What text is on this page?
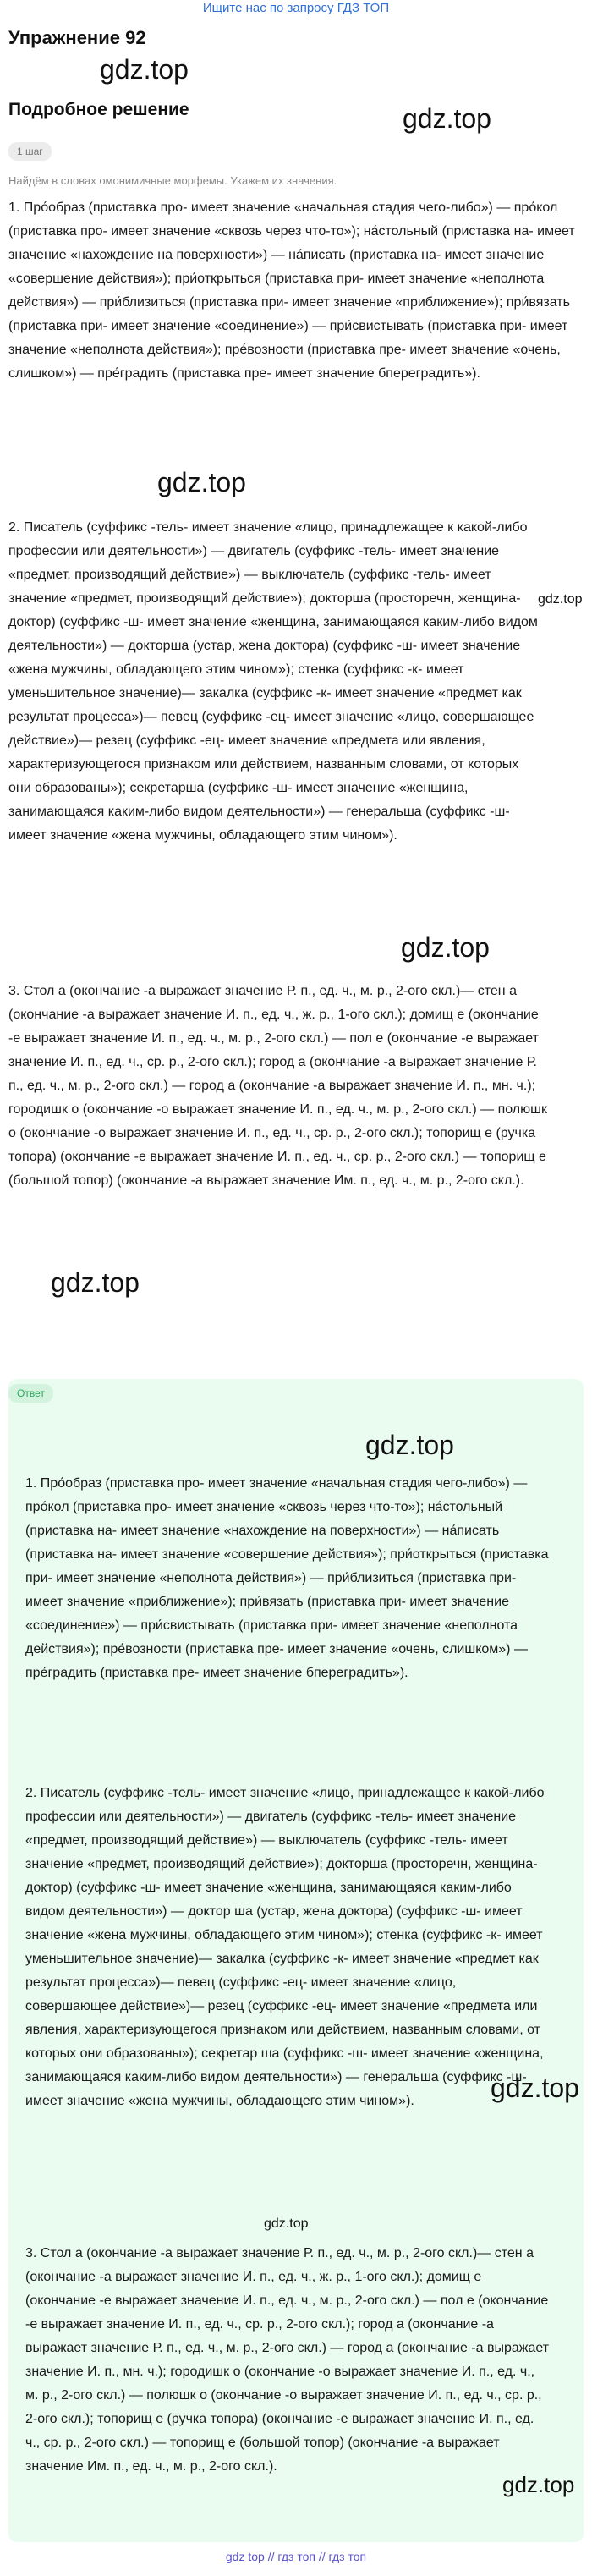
Ищите нас по запросу ГДЗ ТОП
Упражнение 92
gdz.top
gdz.top
Подробное решение
1 шаг
Найдём в словах омонимичные морфемы. Укажем их значения.

1. Про́образ (приставка про- имеет значение «начальная стадия чего-либо») — про́кол (приставка про- имеет значение «сквозь через что-то»); на́стольный (приставка на- имеет значение «нахождение на поверхности») — на́писать (приставка на- имеет значение «совершение действия»); при́открыться (приставка при- имеет значение «неполнота действия») — при́близиться (приставка при- имеет значение «приближение»); при́вязать (приставка при- имеет значение «соединение») — при́свистывать (приставка при- имеет значение «неполнота действия»); пре́возности (приставка пре- имеет значение «очень, слишком») — пре́градить (приставка пре- имеет значение бпереградить»).

gdz.top

2. Писатель (суффикс -тель- имеет значение «лицо, принадлежащее к какой-либо профессии или деятельности») — двигатель (суффикс -тель- имеет значение «предмет, производящий действие») — выключатель (суффикс -тель- имеет значение «предмет, производящий действие»); докторша (просторечн, женщина-доктор) (суффикс -ш- имеет значение «женщина, занимающаяся каким-либо видом деятельности») — докторша (устар, жена доктора) (суффикс -ш- имеет значение «жена мужчины, обладающего этим чином»); стенка (суффикс -к- имеет уменьшительное значение)— закалка (суффикс -к- имеет значение «предмет как результат процесса»)— певец (суффикс -ец- имеет значение «лицо, совершающее действие»)— резец (суффикс -ец- имеет значение «предмета или явления, характеризующегося признаком или действием, названным словами, от которых они образованы»); секретарша (суффикс -ш- имеет значение «женщина, занимающаяся каким-либо видом деятельности») — генеральша (суффикс -ш- имеет значение «жена мужчины, обладающего этим чином»).

gdz.top
gdz.top

3. Стол а (окончание -а выражает значение Р. п., ед. ч., м. р., 2-ого скл.)— стен а (окончание -а выражает значение И. п., ед. ч., ж. р., 1-ого скл.); домищ е (окончание -е выражает значение И. п., ед. ч., м. р., 2-ого скл.) — пол е (окончание -е выражает значение И. п., ед. ч., ср. р., 2-ого скл.); город а (окончание -а выражает значение Р. п., ед. ч., м. р., 2-ого скл.) — город а (окончание -а выражает значение И. п., мн. ч.); городишк о (окончание -о выражает значение И. п., ед. ч., м. р., 2-ого скл.) — полюшк о (окончание -о выражает значение И. п., ед. ч., ср. р., 2-ого скл.); топорищ е (ручка топора) (окончание -е выражает значение И. п., ед. ч., ср. р., 2-ого скл.) — топорищ е (большой топор) (окончание -а выражает значение Им. п., ед. ч., м. р., 2-ого скл.).

gdz.top
Ответ
gdz.top

1. Про́образ (приставка про- имеет значение «начальная стадия чего-либо») — про́кол (приставка про- имеет значение «сквозь через что-то»); на́стольный (приставка на- имеет значение «нахождение на поверхности») — на́писать (приставка на- имеет значение «совершение действия»); при́открыться (приставка при- имеет значение «неполнота действия») — при́близиться (приставка при- имеет значение «приближение»); при́вязать (приставка при- имеет значение «соединение») — при́свистывать (приставка при- имеет значение «неполнота действия»); пре́возности (приставка пре- имеет значение «очень, слишком») — пре́градить (приставка пре- имеет значение бпереградить»).

2. Писатель (суффикс -тель- имеет значение «лицо, принадлежащее к какой-либо профессии или деятельности») — двигатель (суффикс -тель- имеет значение «предмет, производящий действие») — выключатель (суффикс -тель- имеет значение «предмет, производящий действие»); докторша (просторечн, женщина-доктор) (суффикс -ш- имеет значение «женщина, занимающаяся каким-либо видом деятельности») — доктор ша (устар, жена доктора) (суффикс -ш- имеет значение «жена мужчины, обладающего этим чином»); стенка (суффикс -к- имеет уменьшительное значение)— закалка (суффикс -к- имеет значение «предмет как результат процесса»)— певец (суффикс -ец- имеет значение «лицо, совершающее действие»)— резец (суффикс -ец- имеет значение «предмета или явления, характеризующегося признаком или действием, названным словами, от которых они образованы»); секретар ша (суффикс -ш- имеет значение «женщина, занимающаяся каким-либо видом деятельности») — генеральша (суффикс -ш- имеет значение «жена мужчины, обладающего этим чином»).	gdz.top
gdz.top

3. Стол а (окончание -а выражает значение Р. п., ед. ч., м. р., 2-ого скл.)— стен а (окончание -а выражает значение И. п., ед. ч., ж. р., 1-ого скл.); домищ е (окончание -е выражает значение И. п., ед. ч., м. р., 2-ого скл.) — пол е (окончание -е выражает значение И. п., ед. ч., ср. р., 2-ого скл.); город а (окончание -а выражает значение Р. п., ед. ч., м. р., 2-ого скл.) — город а (окончание -а выражает значение И. п., мн. ч.); городишк о (окончание -о выражает значение И. п., ед. ч., м. р., 2-ого скл.) — полюшк о (окончание -о выражает значение И. п., ед. ч., ср. р., 2-ого скл.); топорищ е (ручка топора) (окончание -е выражает значение И. п., ед. ч., ср. р., 2-ого скл.) — топорищ е (большой топор) (окончание -а выражает значение Им. п., ед. ч., м. р., 2-ого скл.).

gdz.top
gdz top // гдз топ // гдз топ
